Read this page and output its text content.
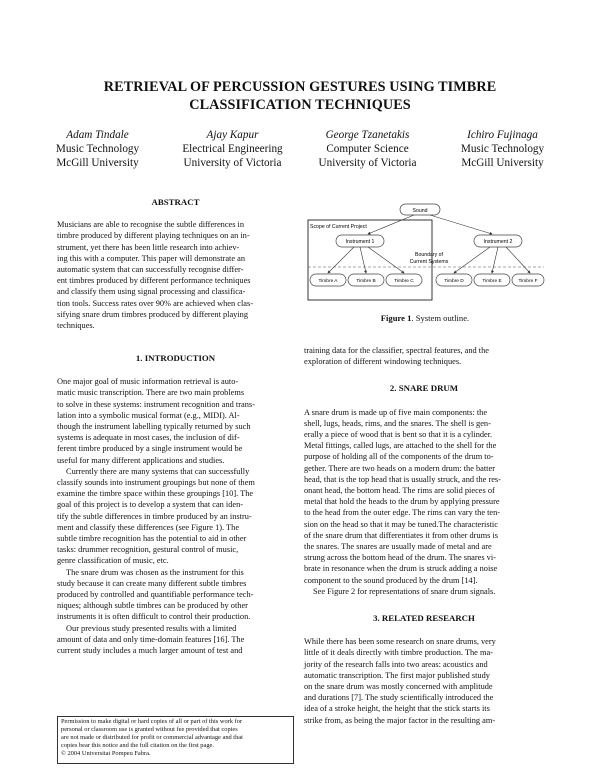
RETRIEVAL OF PERCUSSION GESTURES USING TIMBRE
CLASSIFICATION TECHNIQUES
Adam Tindale
Music Technology
McGill University
Ajay Kapur
Electrical Engineering
University of Victoria
George Tzanetakis
Computer Science
University of Victoria
Ichiro Fujinaga
Music Technology
McGill University

ABSTRACT

Musicians are able to recognise the subtle differences in
timbre produced by different playing techniques on an in-
strument, yet there has been little research into achiev-
ing this with a computer. This paper will demonstrate an
automatic system that can successfully recognise differ-
ent timbres produced by different performance techniques
and classify them using signal processing and classifica-
tion tools. Success rates over 90% are achieved when clas-
sifying snare drum timbres produced by different playing
techniques.

1. INTRODUCTION

One major goal of music information retrieval is auto-
matic music transcription. There are two main problems
to solve in these systems: instrument recognition and trans-
lation into a symbolic musical format (e.g., MIDI). Al-
though the instrument labelling typically returned by such
systems is adequate in most cases, the inclusion of dif-
ferent timbre produced by a single instrument would be
useful for many different applications and studies.

Currently there are many systems that can successfully
classify sounds into instrument groupings but none of them
examine the timbre space within these groupings [10]. The
goal of this project is to develop a system that can iden-
tify the subtle differences in timbre produced by an instru-
ment and classify these differences (see Figure 1). The
subtle timbre recognition has the potential to aid in other
tasks: drummer recognition, gestural control of music,
genre classification of music, etc.

The snare drum was chosen as the instrument for this
study because it can create many different subtle timbres
produced by controlled and quantifiable performance tech-
niques; although subtle timbres can be produced by other
instruments it is often difficult to control their production.

Our previous study presented results with a limited
amount of data and only time-domain features [16]. The
current study includes a much larger amount of test and

Permission to make digital or hard copies of all or part of this work for
personal or classroom use is granted without fee provided that copies
are not made or distributed for profit or commercial advantage and that
copies bear this notice and the full citation on the first page.
© 2004 Universitat Pompeu Fabra.
Sound
Scope of Current Project
Instrument 1	Instrument 2
Boundary of
Current Systems
Timbre A	Timbre B	Timbre C	Timbre D	Timbre E	Timbre F
Figure 1. System outline.

training data for the classifier, spectral features, and the
exploration of different windowing techniques.

2. SNARE DRUM

A snare drum is made up of five main components: the
shell, lugs, heads, rims, and the snares. The shell is gen-
erally a piece of wood that is bent so that it is a cylinder.
Metal fittings, called lugs, are attached to the shell for the
purpose of holding all of the components of the drum to-
gether. There are two heads on a modern drum: the batter
head, that is the top head that is usually struck, and the res-
onant head, the bottom head. The rims are solid pieces of
metal that hold the heads to the drum by applying pressure
to the head from the outer edge. The rims can vary the ten-
sion on the head so that it may be tuned.The characteristic
of the snare drum that differentiates it from other drums is
the snares. The snares are usually made of metal and are
strung across the bottom head of the drum. The snares vi-
brate in resonance when the drum is struck adding a noise
component to the sound produced by the drum [14].

See Figure 2 for representations of snare drum signals.

3. RELATED RESEARCH

While there has been some research on snare drums, very
little of it deals directly with timbre production. The ma-
jority of the research falls into two areas: acoustics and
automatic transcription. The first major published study
on the snare drum was mostly concerned with amplitude
and durations [7]. The study scientifically introduced the
idea of a stroke height, the height that the stick starts its
strike from, as being the major factor in the resulting am-
